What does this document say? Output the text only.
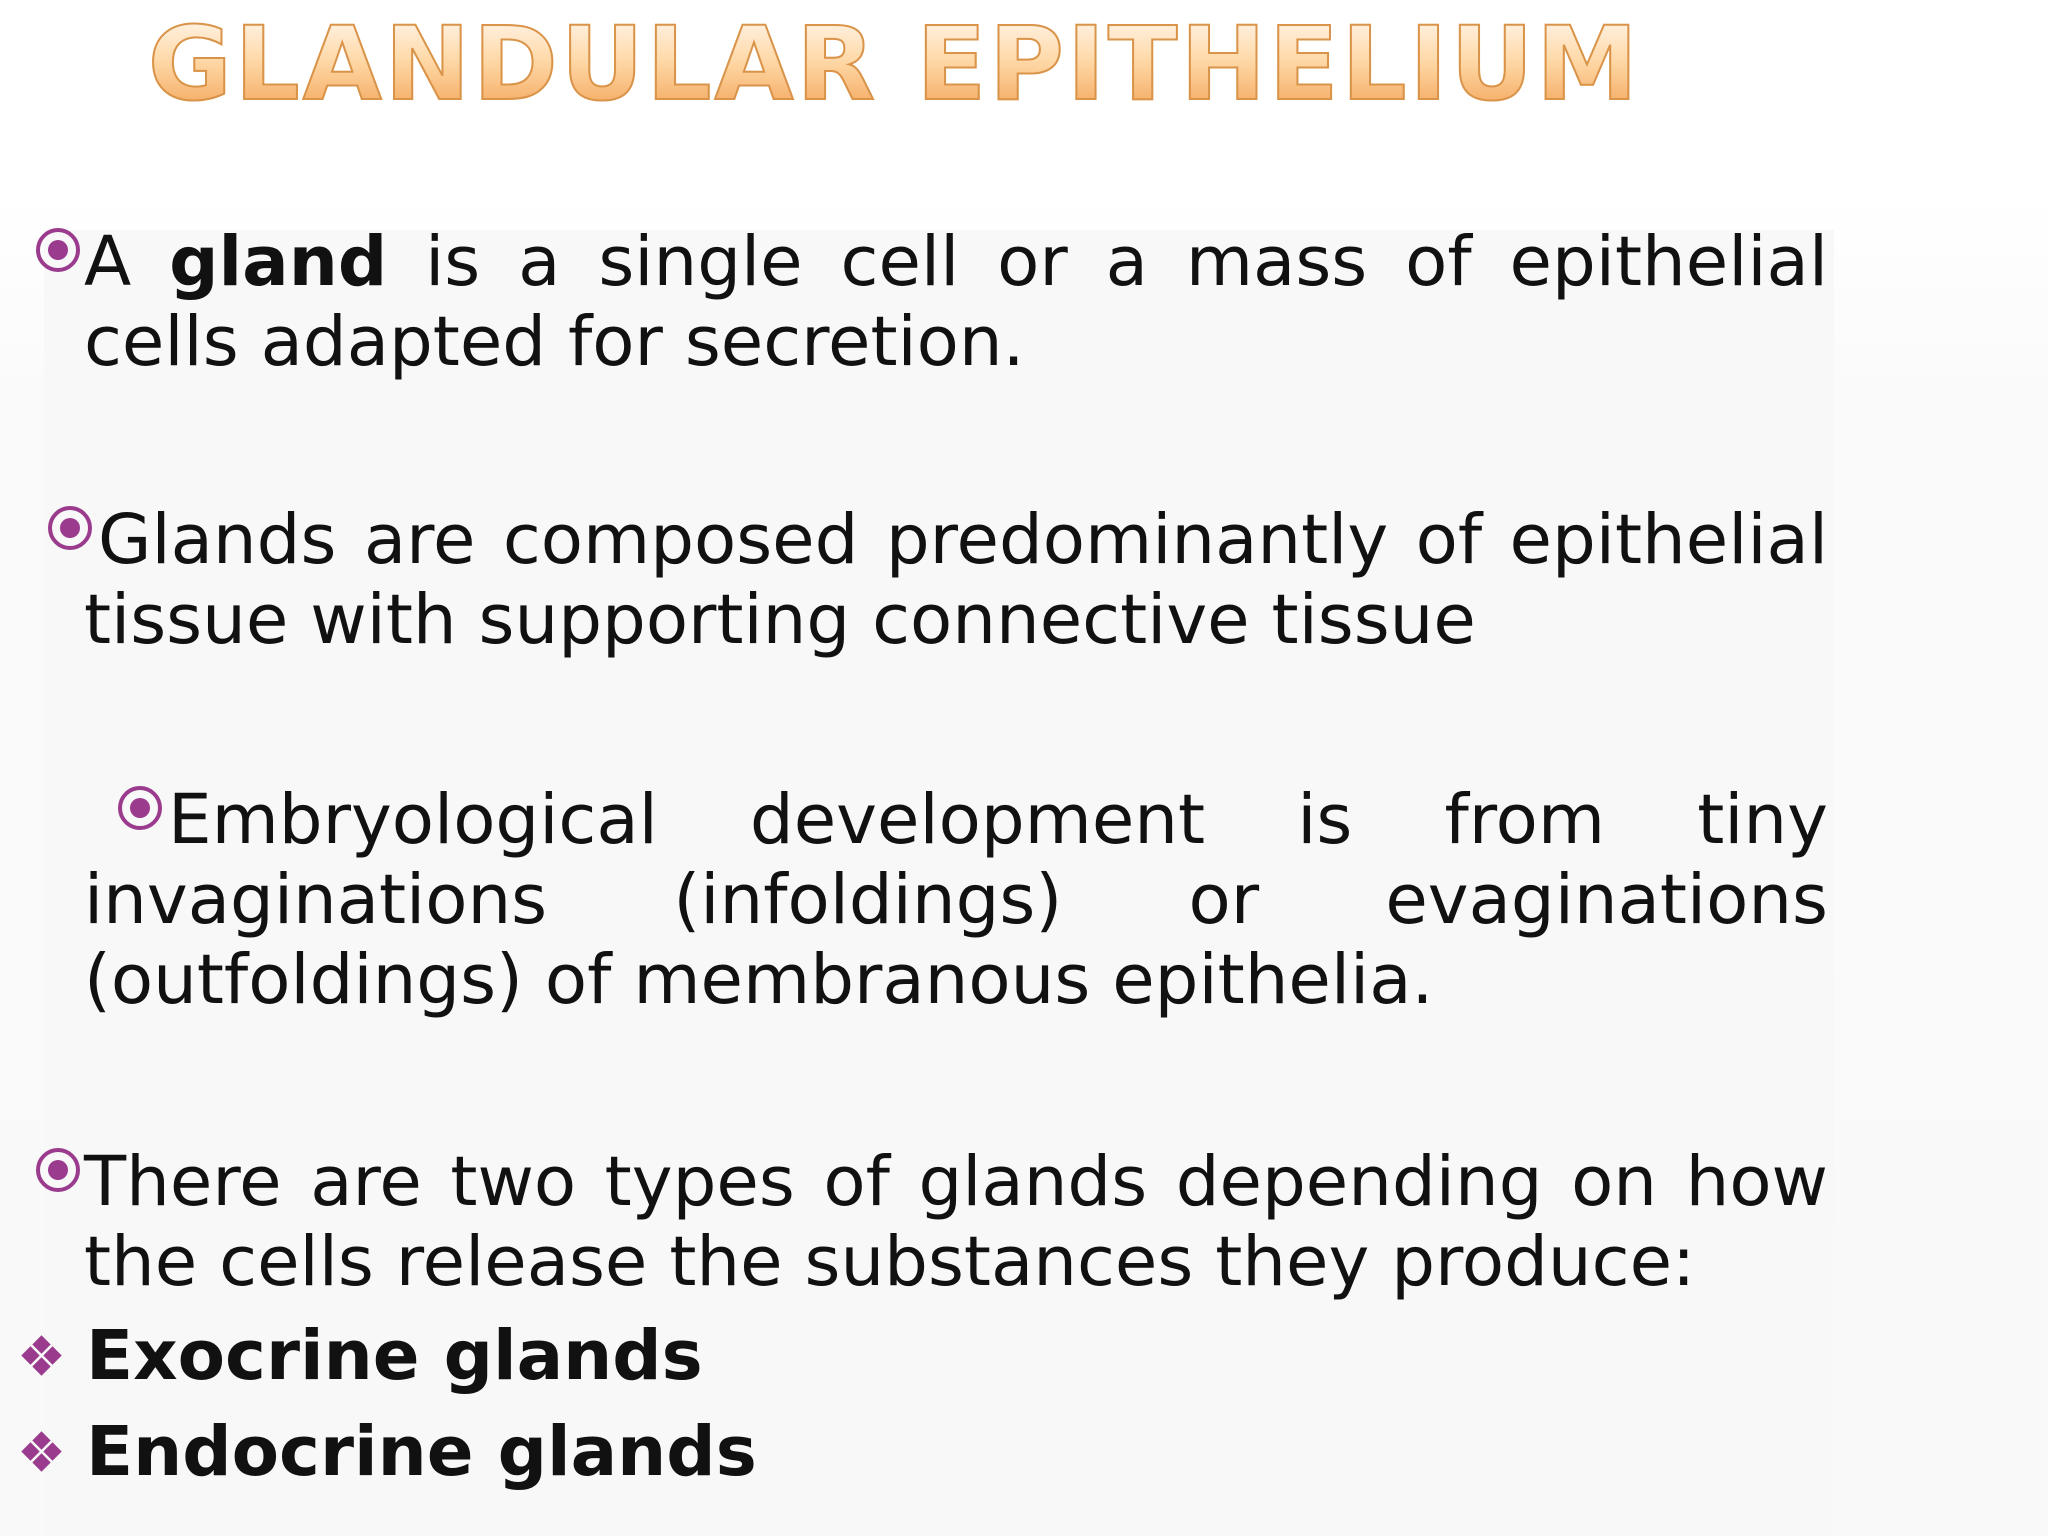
GLANDULAR EPITHELIUM
A gland is a single cell or a mass of epithelial cells adapted for secretion.
Glands are composed predominantly of epithelial tissue with supporting connective tissue
Embryological development is from tiny invaginations (infoldings) or evaginations (outfoldings) of membranous epithelia.
There are two types of glands depending on how the cells release the substances they produce:
Exocrine glands
Endocrine glands
